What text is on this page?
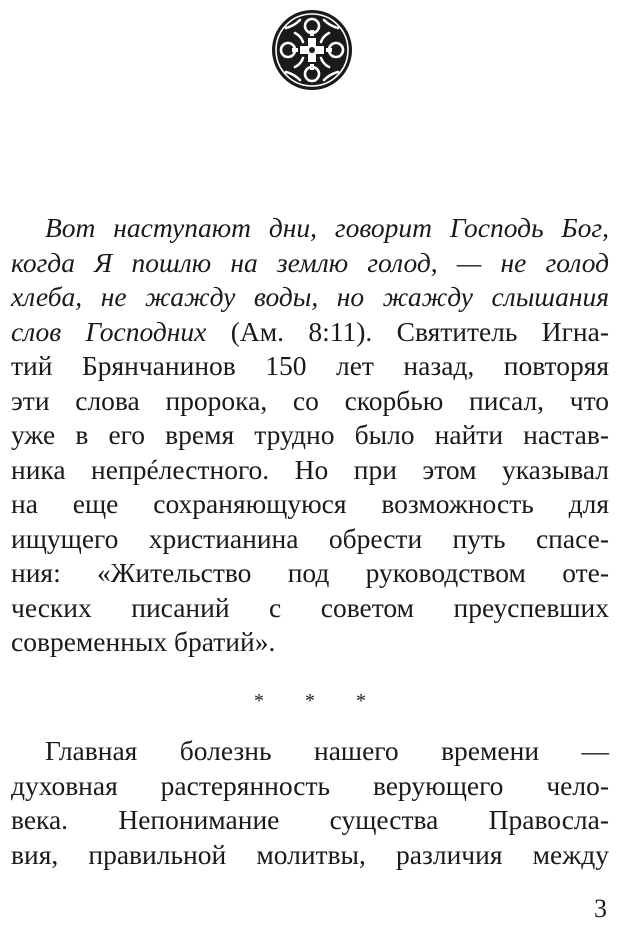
Вот наступают дни, говорит Господь Бог,
когда Я пошлю на землю голод, — не голод
хлеба, не жажду воды, но жажду слышания
слов Господних (Ам. 8:11). Святитель Игна-
тий Брянчанинов 150 лет назад, повторяя
эти слова пророка, со скорбью писал, что
уже в его время трудно было найти настав-
ника непрéлестного. Но при этом указывал
на еще сохраняющуюся возможность для
ищущего христианина обрести путь спасе-
ния: «Жительство под руководством оте-
ческих писаний с советом преуспевших
современных братий».
* * *
Главная болезнь нашего времени —
духовная растерянность верующего чело-
века. Непонимание существа Правосла-
вия, правильной молитвы, различия между
3
